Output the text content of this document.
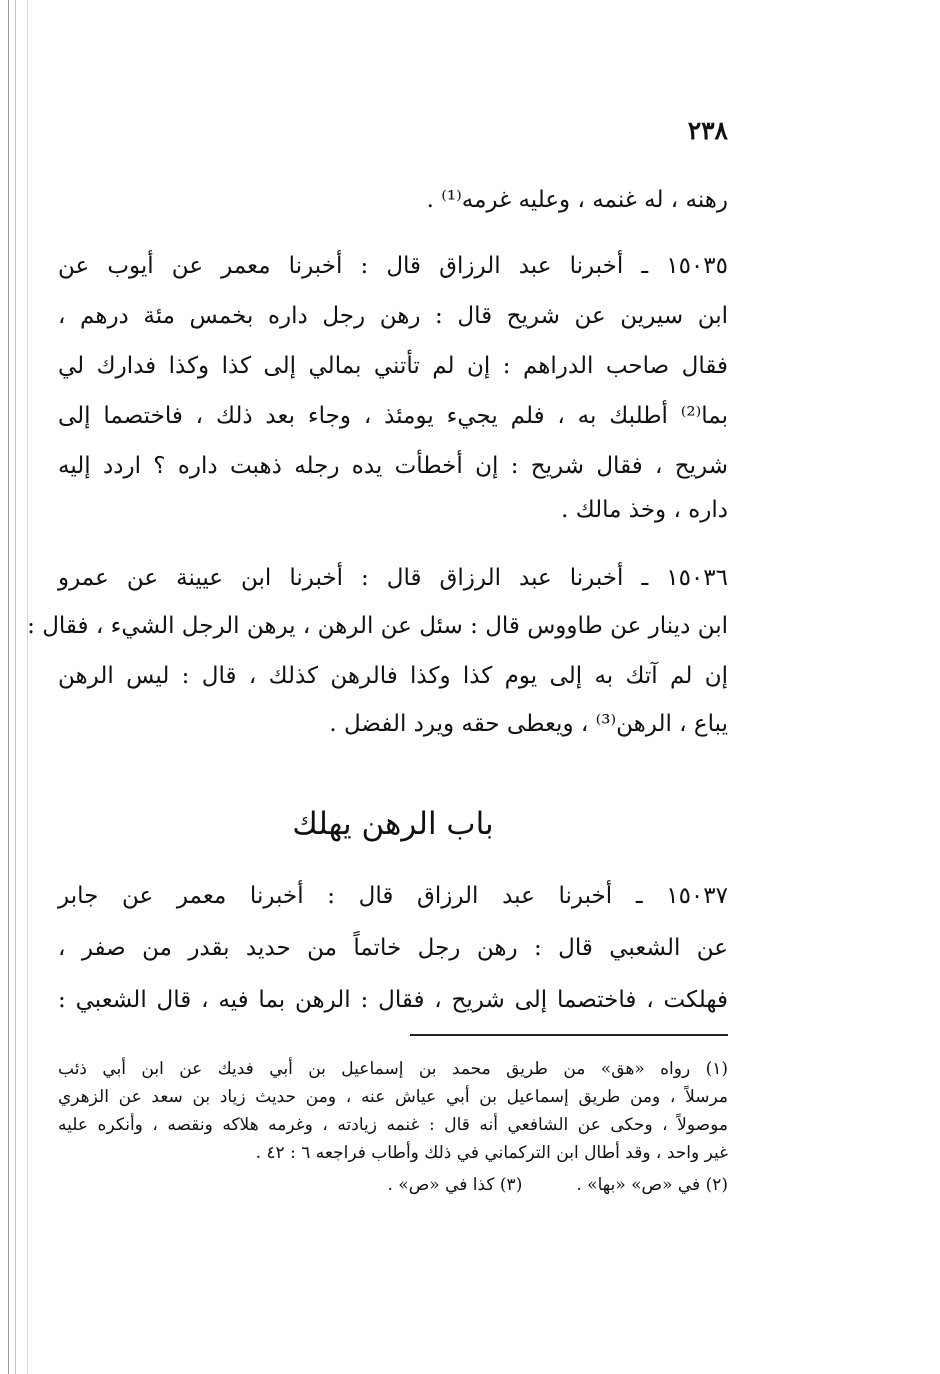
٢٣٨
رهنه ، له غنمه ، وعليه غرمه⁽¹⁾ .
١٥٠٣٥ ـ أخبرنا عبد الرزاق قال : أخبرنا معمر عن أيوب عن
ابن سيرين عن شريح قال : رهن رجل داره بخمس مئة درهم ،
فقال صاحب الدراهم : إن لم تأتني بمالي إلى كذا وكذا فدارك لي
بما⁽²⁾ أطلبك به ، فلم يجيء يومئذ ، وجاء بعد ذلك ، فاختصما إلى
شريح ، فقال شريح : إن أخطأت يده رجله ذهبت داره ؟ اردد إليه
داره ، وخذ مالك .
١٥٠٣٦ ـ أخبرنا عبد الرزاق قال : أخبرنا ابن عيينة عن عمرو
ابن دينار عن طاووس قال : سئل عن الرهن ، يرهن الرجل الشيء ، فقال :
إن لم آتك به إلى يوم كذا وكذا فالرهن كذلك ، قال : ليس الرهن
يباع ، الرهن⁽³⁾ ، ويعطى حقه ويرد الفضل .
باب الرهن يهلك
١٥٠٣٧ ـ أخبرنا عبد الرزاق قال : أخبرنا معمر عن جابر
عن الشعبي قال : رهن رجل خاتماً من حديد بقدر من صفر ،
فهلكت ، فاختصما إلى شريح ، فقال : الرهن بما فيه ، قال الشعبي :
(١) رواه «هق» من طريق محمد بن إسماعيل بن أبي فديك عن ابن أبي ذئب
مرسلاً ، ومن طريق إسماعيل بن أبي عياش عنه ، ومن حديث زياد بن سعد عن الزهري
موصولاً ، وحكى عن الشافعي أنه قال : غنمه زيادته ، وغرمه هلاكه ونقصه ، وأنكره عليه
غير واحد ، وقد أطال ابن التركماني في ذلك وأطاب فراجعه ٦ : ٤٢ .
(٢) في «ص» «بها» .          (٣) كذا في «ص» .
